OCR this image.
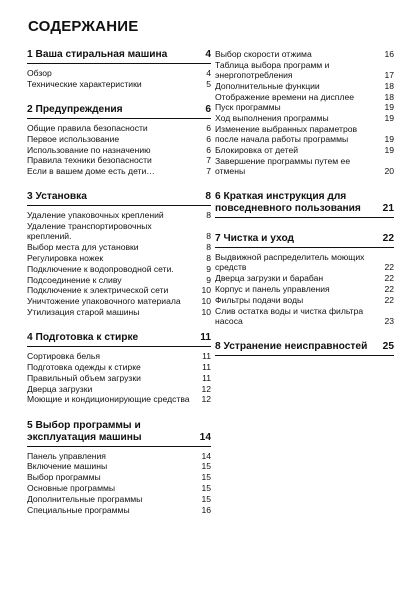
СОДЕРЖАНИЕ
1 Ваша стиральная машина	4
Обзор	4
Технические характеристики	5
2 Предупреждения	6
Общие правила безопасности	6
Первое использование	6
Использование по назначению	6
Правила техники безопасности	7
Если в вашем доме есть дети…	7
3 Установка	8
Удаление упаковочных креплений	8
Удаление транспортировочных креплений.	8
Выбор места для установки	8
Регулировка ножек	8
Подключение к водопроводной сети.	9
Подсоединение к сливу	9
Подключение к электрической сети	10
Уничтожение упаковочного материала	10
Утилизация старой машины	10
4 Подготовка к стирке	11
Сортировка белья	11
Подготовка одежды к стирке	11
Правильный объем загрузки	11
Дверца загрузки	12
Моющие и кондиционирующие средства	12
5 Выбор программы и эксплуатация машины	14
Панель управления	14
Включение машины	15
Выбор программы	15
Основные программы	15
Дополнительные программы	15
Специальные программы	16
Выбор скорости отжима	16
Таблица выбора программ и энергопотребления	17
Дополнительные функции	18
Отображение времени на дисплее	18
Пуск программы	19
Ход выполнения программы	19
Изменение выбранных параметров после начала работы программы	19
Блокировка от детей	19
Завершение программы путем ее отмены	20
6 Краткая инструкция для повседневного пользования	21
7 Чистка и уход	22
Выдвижной распределитель моющих средств	22
Дверца загрузки и барабан	22
Корпус и панель управления	22
Фильтры подачи воды	22
Слив остатка воды и чистка фильтра насоса	23
8 Устранение неисправностей	25
